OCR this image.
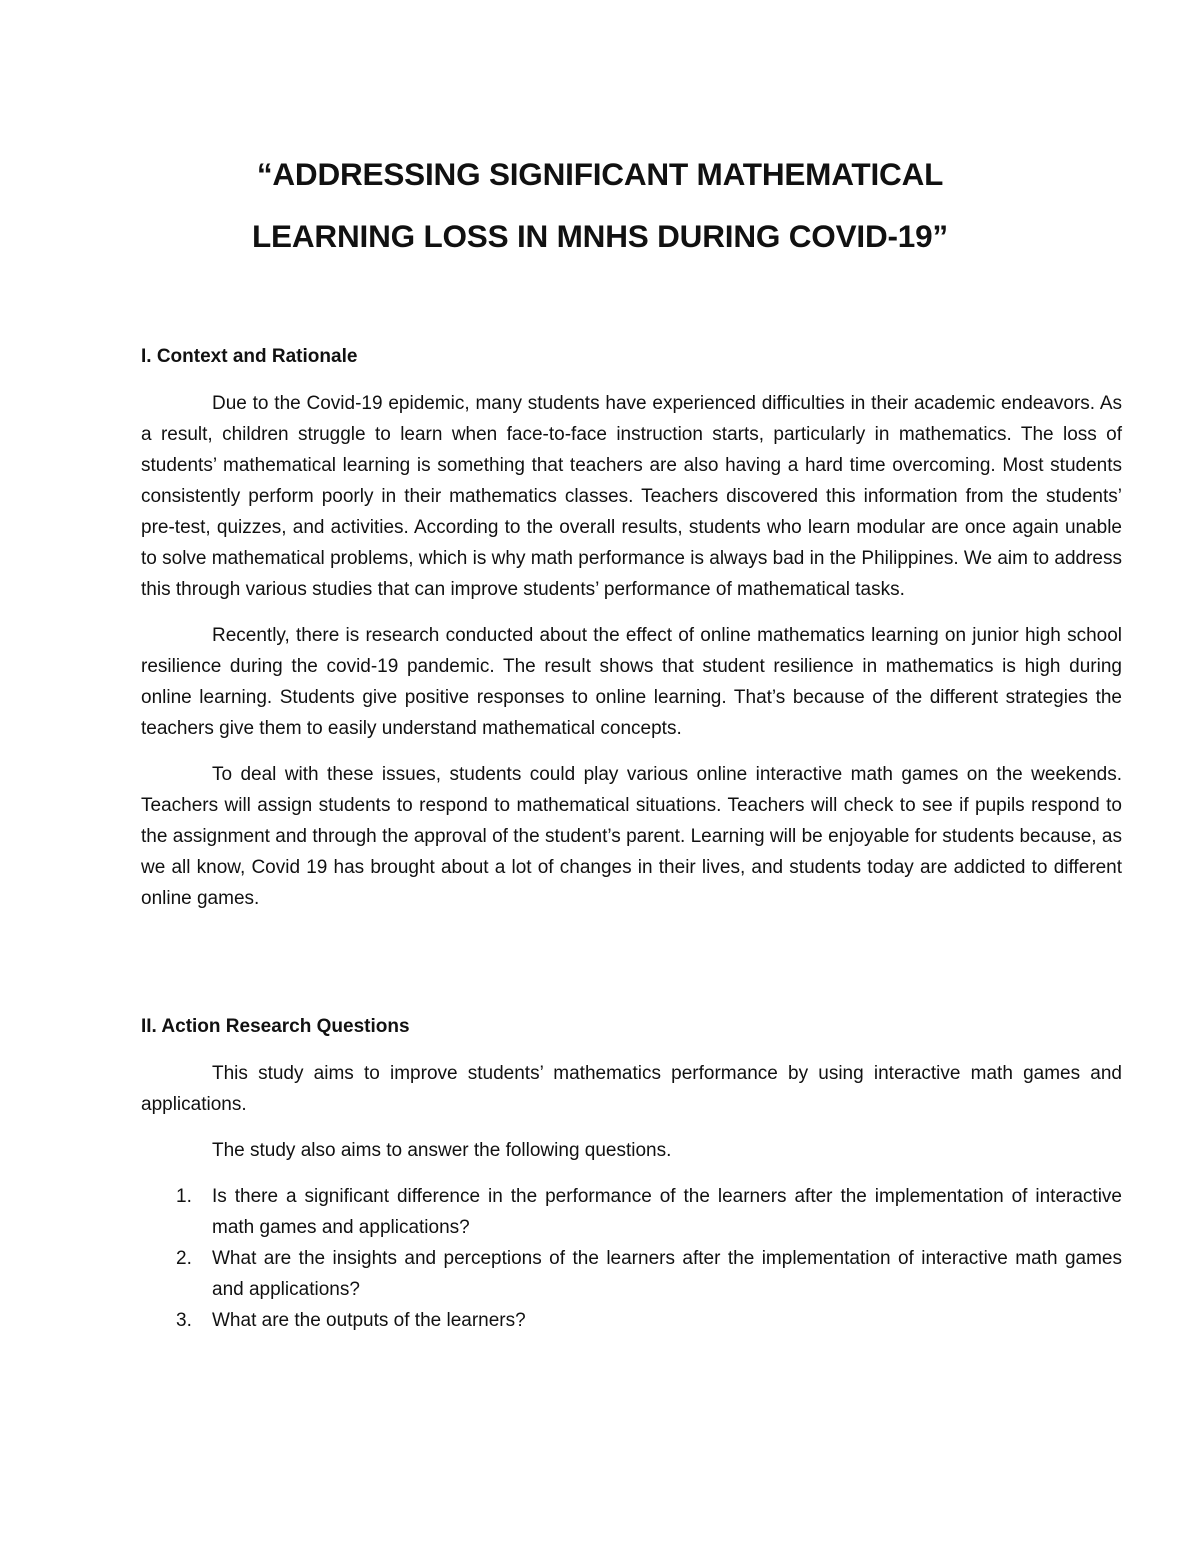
“ADDRESSING SIGNIFICANT MATHEMATICAL
LEARNING LOSS IN MNHS DURING COVID-19”

I. Context and Rationale

Due to the Covid-19 epidemic, many students have experienced difficulties in their academic endeavors. As a result, children struggle to learn when face-to-face instruction starts, particularly in mathematics. The loss of students’ mathematical learning is something that teachers are also having a hard time overcoming. Most students consistently perform poorly in their mathematics classes. Teachers discovered this information from the students’ pre-test, quizzes, and activities. According to the overall results, students who learn modular are once again unable to solve mathematical problems, which is why math performance is always bad in the Philippines. We aim to address this through various studies that can improve students’ performance of mathematical tasks.

Recently, there is research conducted about the effect of online mathematics learning on junior high school resilience during the covid-19 pandemic. The result shows that student resilience in mathematics is high during online learning. Students give positive responses to online learning. That’s because of the different strategies the teachers give them to easily understand mathematical concepts.

To deal with these issues, students could play various online interactive math games on the weekends. Teachers will assign students to respond to mathematical situations. Teachers will check to see if pupils respond to the assignment and through the approval of the student’s parent. Learning will be enjoyable for students because, as we all know, Covid 19 has brought about a lot of changes in their lives, and students today are addicted to different online games.

II. Action Research Questions

This study aims to improve students’ mathematics performance by using interactive math games and applications.

The study also aims to answer the following questions.

1. Is there a significant difference in the performance of the learners after the implementation of interactive math games and applications?
2. What are the insights and perceptions of the learners after the implementation of interactive math games and applications?
3. What are the outputs of the learners?
